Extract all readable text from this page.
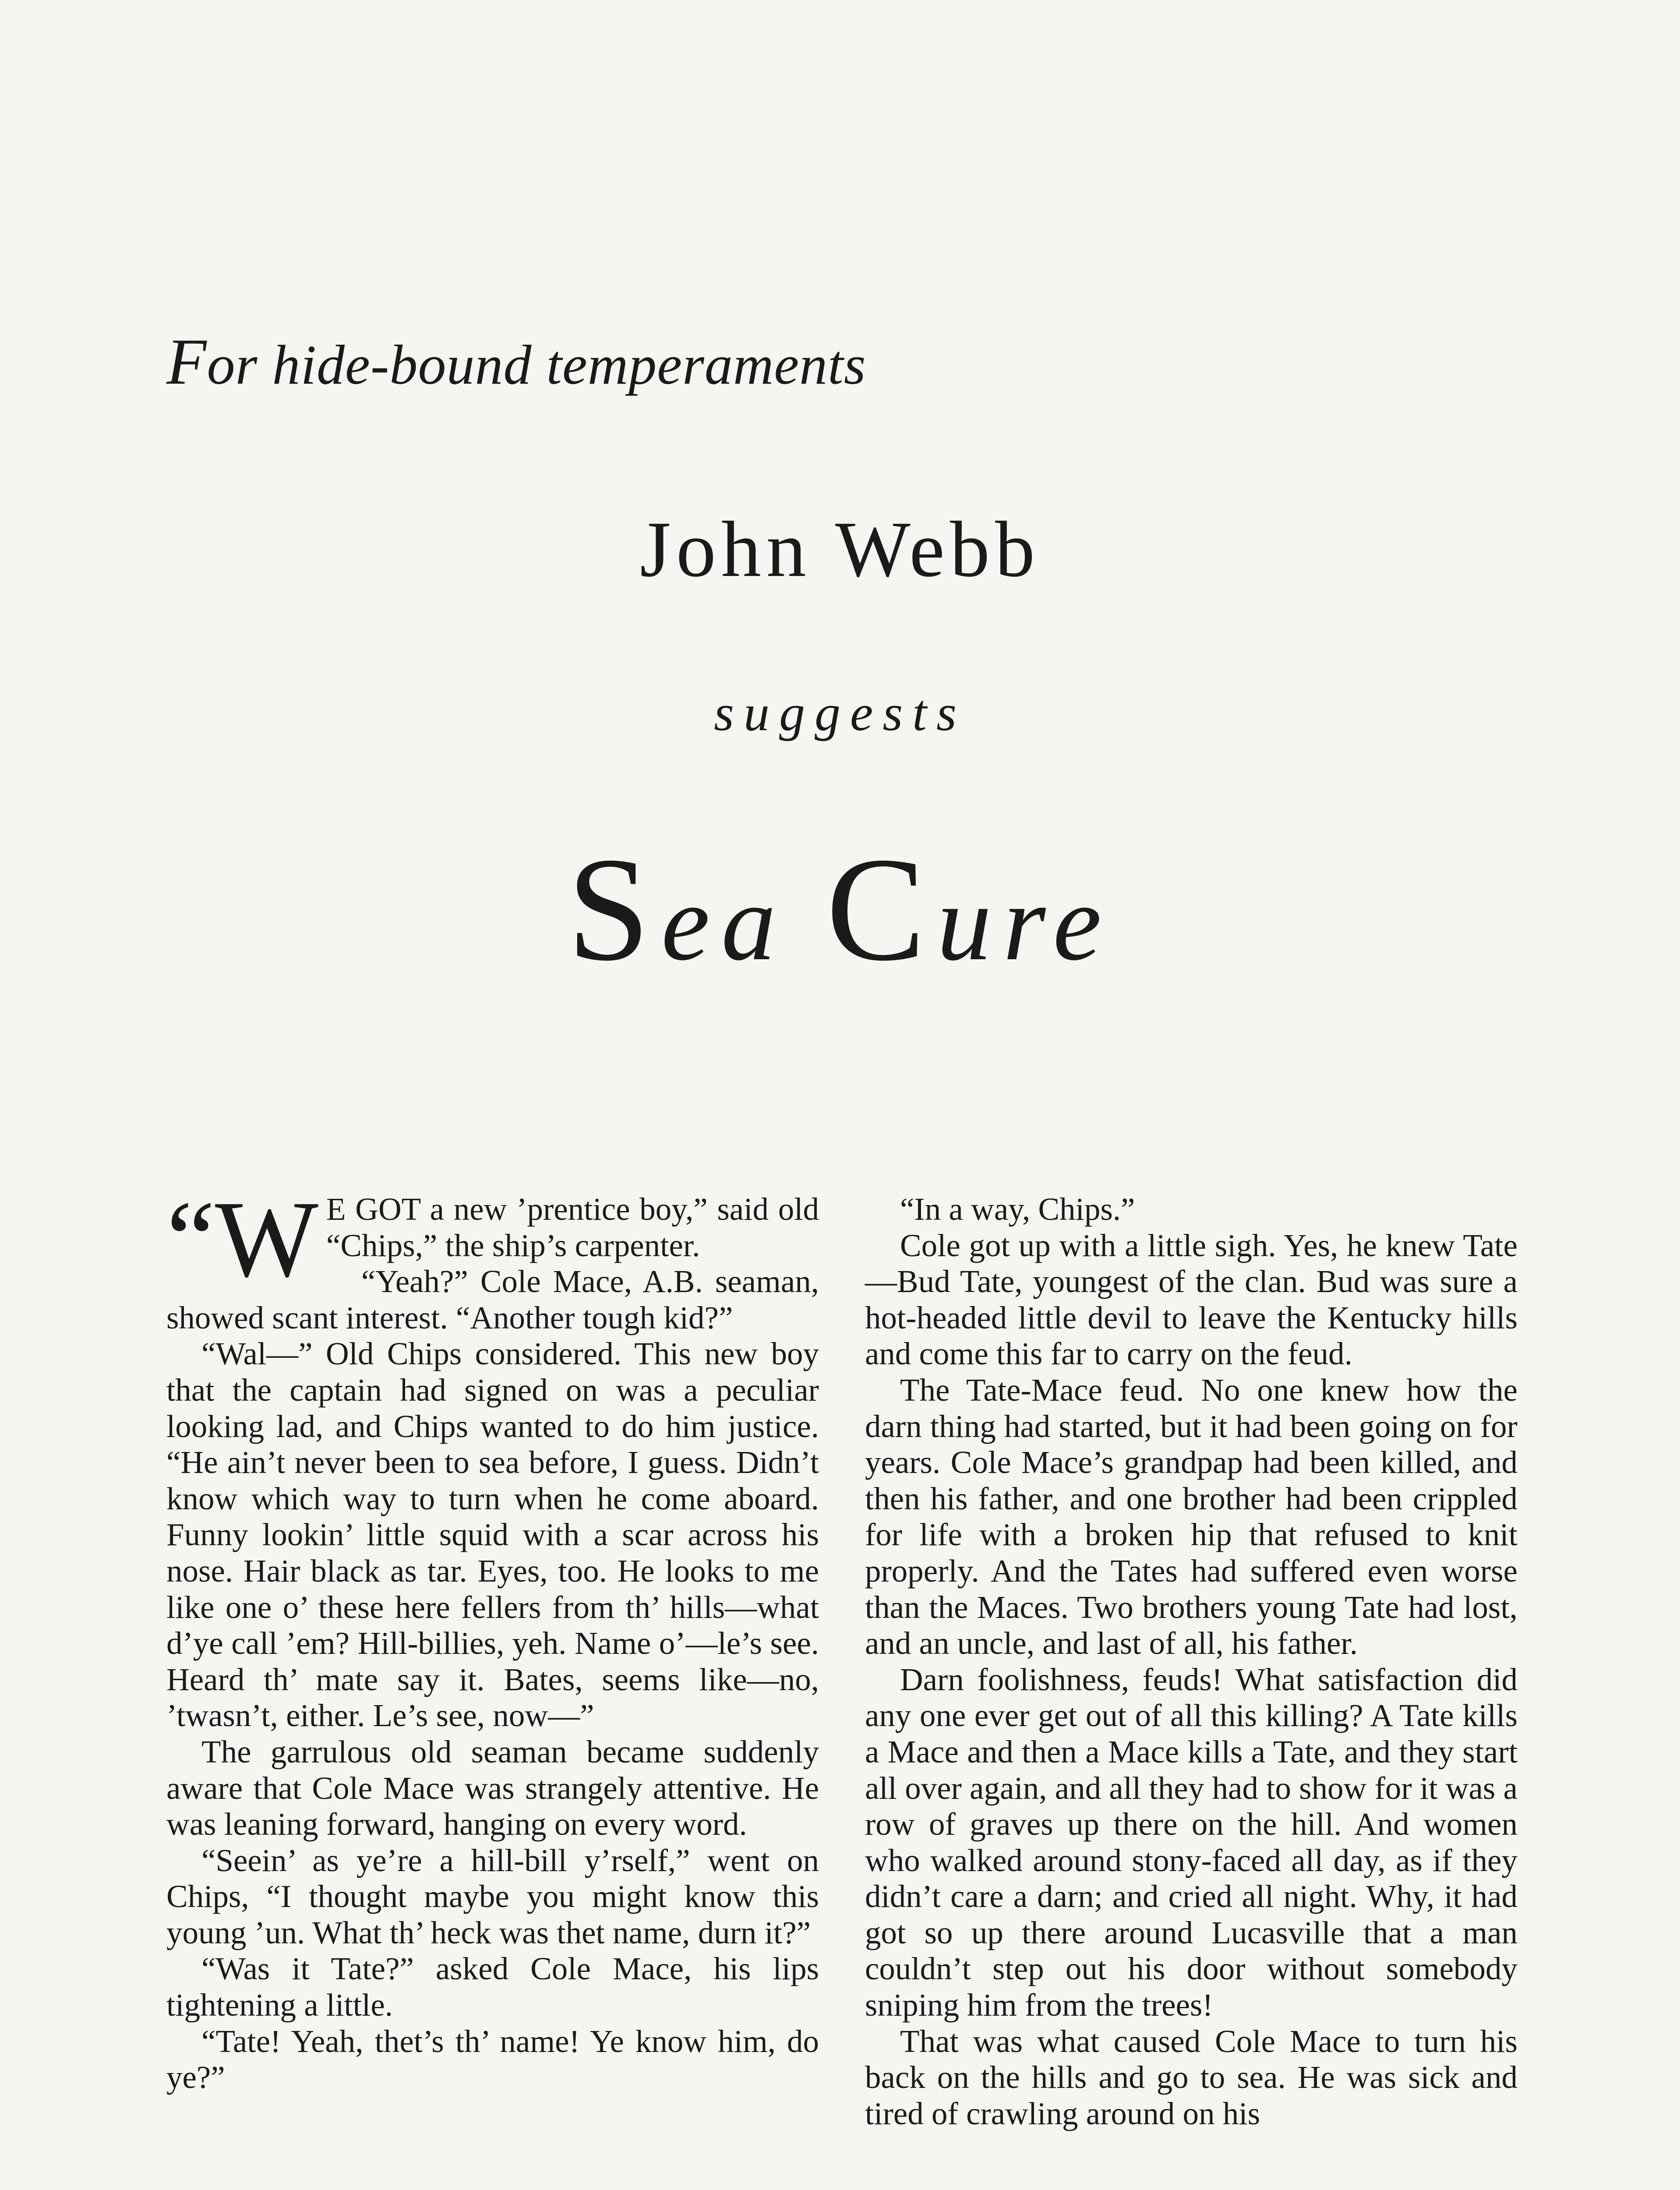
For hide-bound temperaments
John Webb
suggests
Sea Cure

“W E GOT a new ’prentice boy,” said old “Chips,” the ship’s carpenter.

“Yeah?” Cole Mace, A.B. seaman, showed scant interest. “Another tough kid?”

“Wal—” Old Chips considered. This new boy that the captain had signed on was a peculiar looking lad, and Chips wanted to do him justice. “He ain’t never been to sea before, I guess. Didn’t know which way to turn when he come aboard. Funny lookin’ little squid with a scar across his nose. Hair black as tar. Eyes, too. He looks to me like one o’ these here fellers from th’ hills—what d’ye call ’em? Hill-billies, yeh. Name o’—le’s see. Heard th’ mate say it. Bates, seems like—no, ’twasn’t, either. Le’s see, now—”

The garrulous old seaman became suddenly aware that Cole Mace was strangely attentive. He was leaning forward, hanging on every word.

“Seein’ as ye’re a hill-bill y’rself,” went on Chips, “I thought maybe you might know this young ’un. What th’ heck was thet name, durn it?”

“Was it Tate?” asked Cole Mace, his lips tightening a little.

“Tate! Yeah, thet’s th’ name! Ye know him, do ye?”

“In a way, Chips.”

Cole got up with a little sigh. Yes, he knew Tate—Bud Tate, youngest of the clan. Bud was sure a hot-headed little devil to leave the Kentucky hills and come this far to carry on the feud.

The Tate-Mace feud. No one knew how the darn thing had started, but it had been going on for years. Cole Mace’s grandpap had been killed, and then his father, and one brother had been crippled for life with a broken hip that refused to knit properly. And the Tates had suffered even worse than the Maces. Two brothers young Tate had lost, and an uncle, and last of all, his father.

Darn foolishness, feuds! What satisfaction did any one ever get out of all this killing? A Tate kills a Mace and then a Mace kills a Tate, and they start all over again, and all they had to show for it was a row of graves up there on the hill. And women who walked around stony-faced all day, as if they didn’t care a darn; and cried all night. Why, it had got so up there around Lucasville that a man couldn’t step out his door without somebody sniping him from the trees!

That was what caused Cole Mace to turn his back on the hills and go to sea. He was sick and tired of crawling around on his
